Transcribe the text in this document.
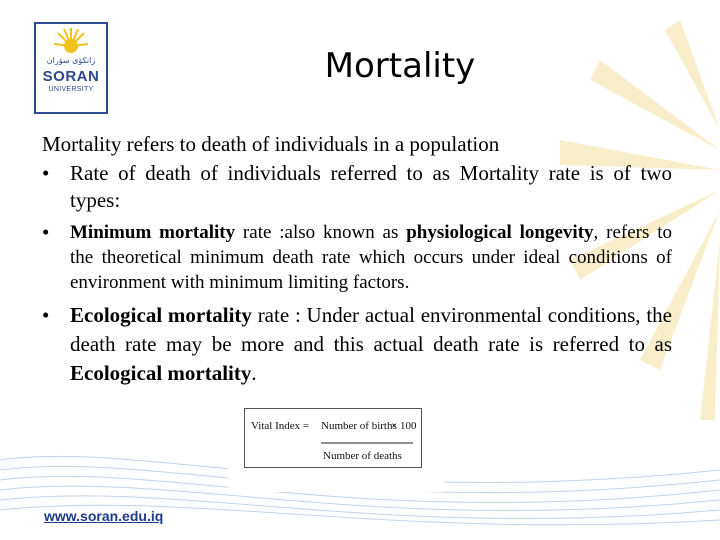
زانکۆی سۆران
SORAN
UNIVERSITY
Mortality

Mortality refers to death of individuals in a population

• Rate of death of individuals referred to as Mortality rate is of two types:
• Minimum mortality rate :also known as physiological longevity, refers to the theoretical minimum death rate which occurs under ideal conditions of environment with minimum limiting factors.
• Ecological mortality rate : Under actual environmental conditions, the death rate may be more and this actual death rate is referred to as Ecological mortality.
Vital Index = Number of births
× 100
Number of deaths
www.soran.edu.iq
